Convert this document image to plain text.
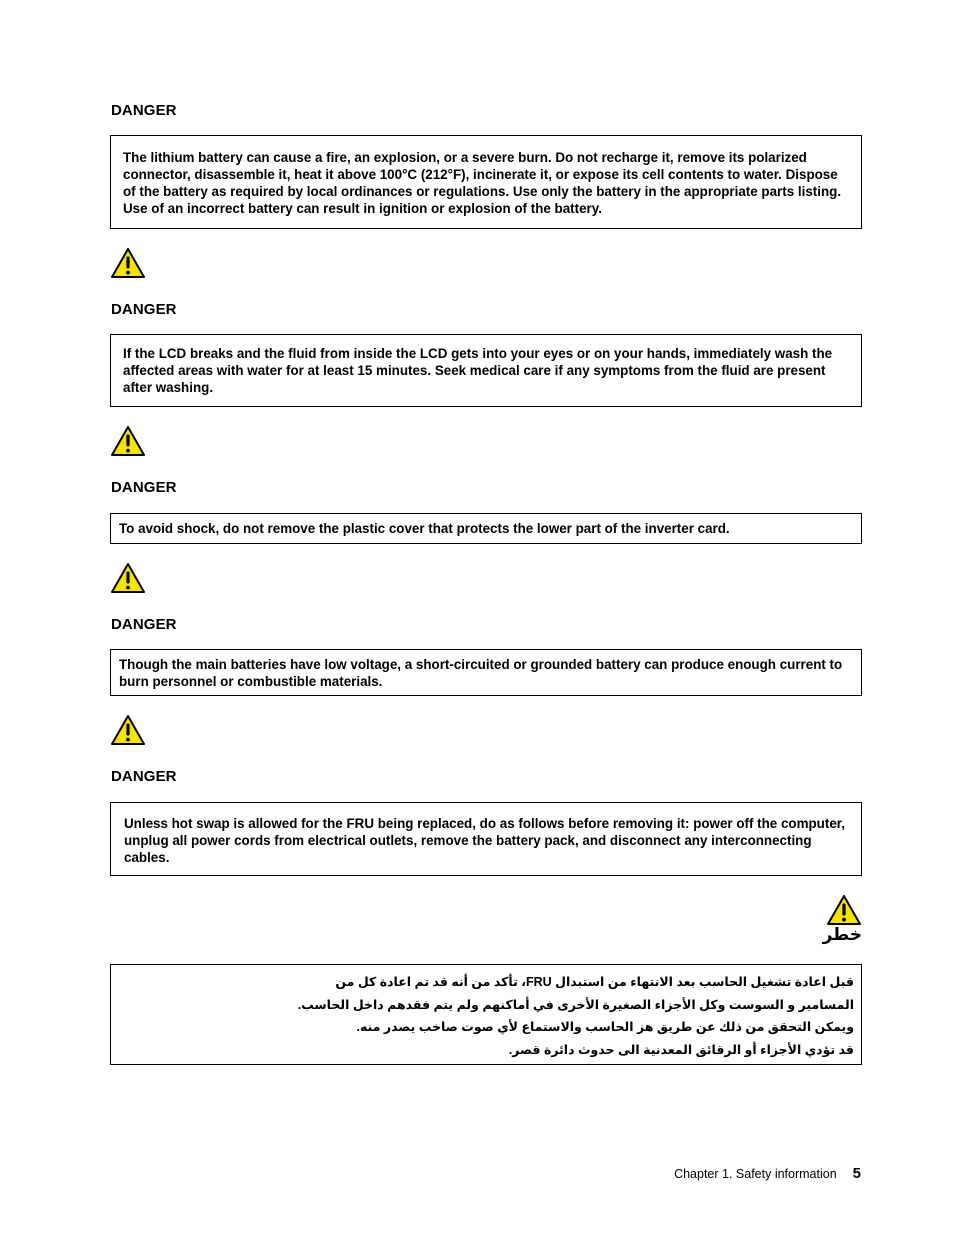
DANGER
The lithium battery can cause a fire, an explosion, or a severe burn. Do not recharge it, remove its polarized connector, disassemble it, heat it above 100°C (212°F), incinerate it, or expose its cell contents to water. Dispose of the battery as required by local ordinances or regulations. Use only the battery in the appropriate parts listing. Use of an incorrect battery can result in ignition or explosion of the battery.
DANGER
If the LCD breaks and the fluid from inside the LCD gets into your eyes or on your hands, immediately wash the affected areas with water for at least 15 minutes. Seek medical care if any symptoms from the fluid are present after washing.
DANGER
To avoid shock, do not remove the plastic cover that protects the lower part of the inverter card.
DANGER
Though the main batteries have low voltage, a short-circuited or grounded battery can produce enough current to burn personnel or combustible materials.
DANGER
Unless hot swap is allowed for the FRU being replaced, do as follows before removing it: power off the computer, unplug all power cords from electrical outlets, remove the battery pack, and disconnect any interconnecting cables.
خطر
قبل اعادة تشغيل الحاسب بعد الانتهاء من استبدال FRU، تأكد من أنه قد تم اعادة كل من
المسامير و السوست وكل الأجزاء الصغيرة الأخرى في أماكنهم ولم يتم فقدهم داخل الحاسب.
ويمكن التحقق من ذلك عن طريق هز الحاسب والاستماع لأي صوت صاخب يصدر منه.
قد تؤدي الأجزاء أو الرقائق المعدنية الى حدوث دائرة قصر.
Chapter 1. Safety information 5
